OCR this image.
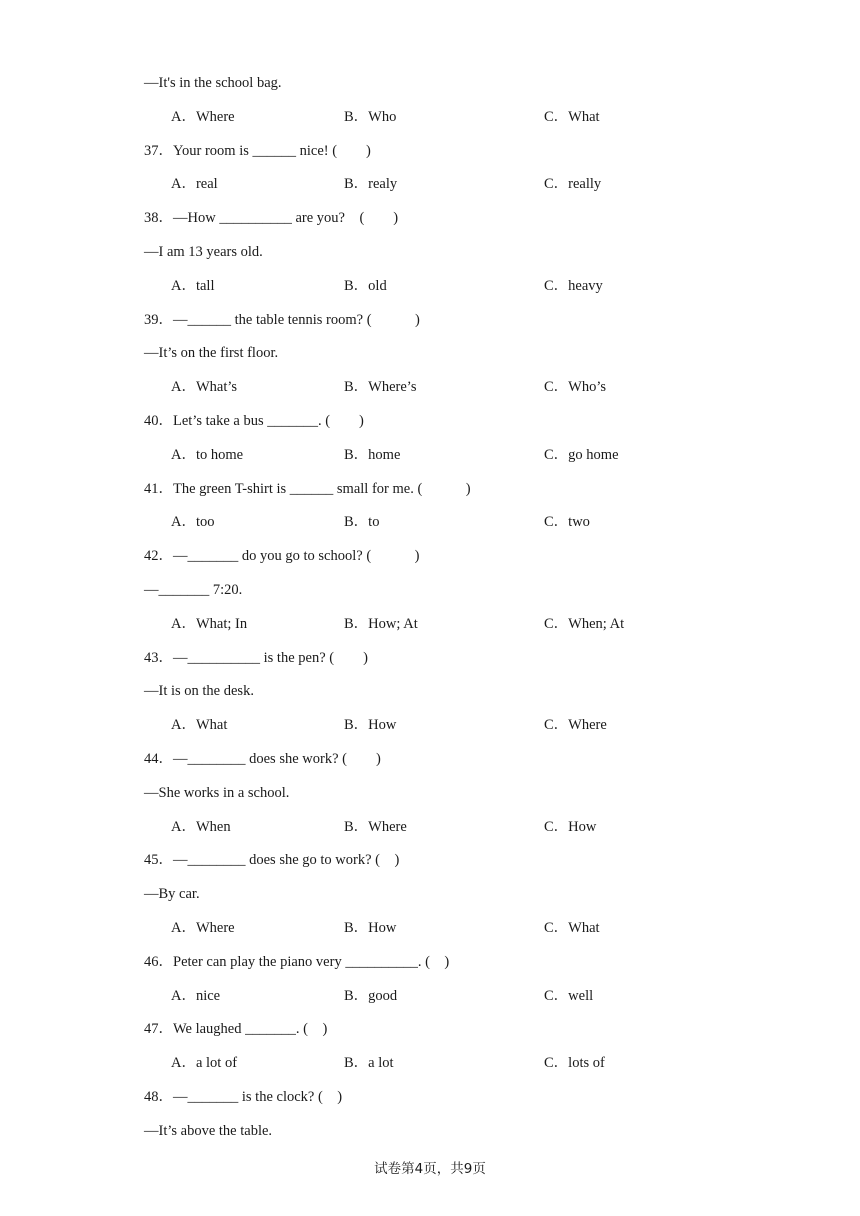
—It's in the school bag.
A．Where	B．Who	C．What
37．Your room is ______ nice! (　　)
A．real	B．realy	C．really
38．—How __________ are you?　(　　)
—I am 13 years old.
A．tall	B．old	C．heavy
39．—______ the table tennis room? (　　　)
—It’s on the first floor.
A．What’s	B．Where’s	C．Who’s
40．Let’s take a bus _______. (　　)
A．to home	B．home	C．go home
41．The green T-shirt is ______ small for me. (　　　)
A．too	B．to	C．two
42．—_______ do you go to school? (　　　)
—_______ 7:20.
A．What; In	B．How; At	C．When; At
43．—__________ is the pen? (　　)
—It is on the desk.
A．What	B．How	C．Where
44．—________ does she work? (　　)
—She works in a school.
A．When	B．Where	C．How
45．—________ does she go to work? (　)
—By car.
A．Where	B．How	C．What
46．Peter can play the piano very __________. (　)
A．nice	B．good	C．well
47．We laughed _______. (　)
A．a lot of	B．a lot	C．lots of
48．—_______ is the clock? (　)
—It’s above the table.
试卷第4页，共9页
